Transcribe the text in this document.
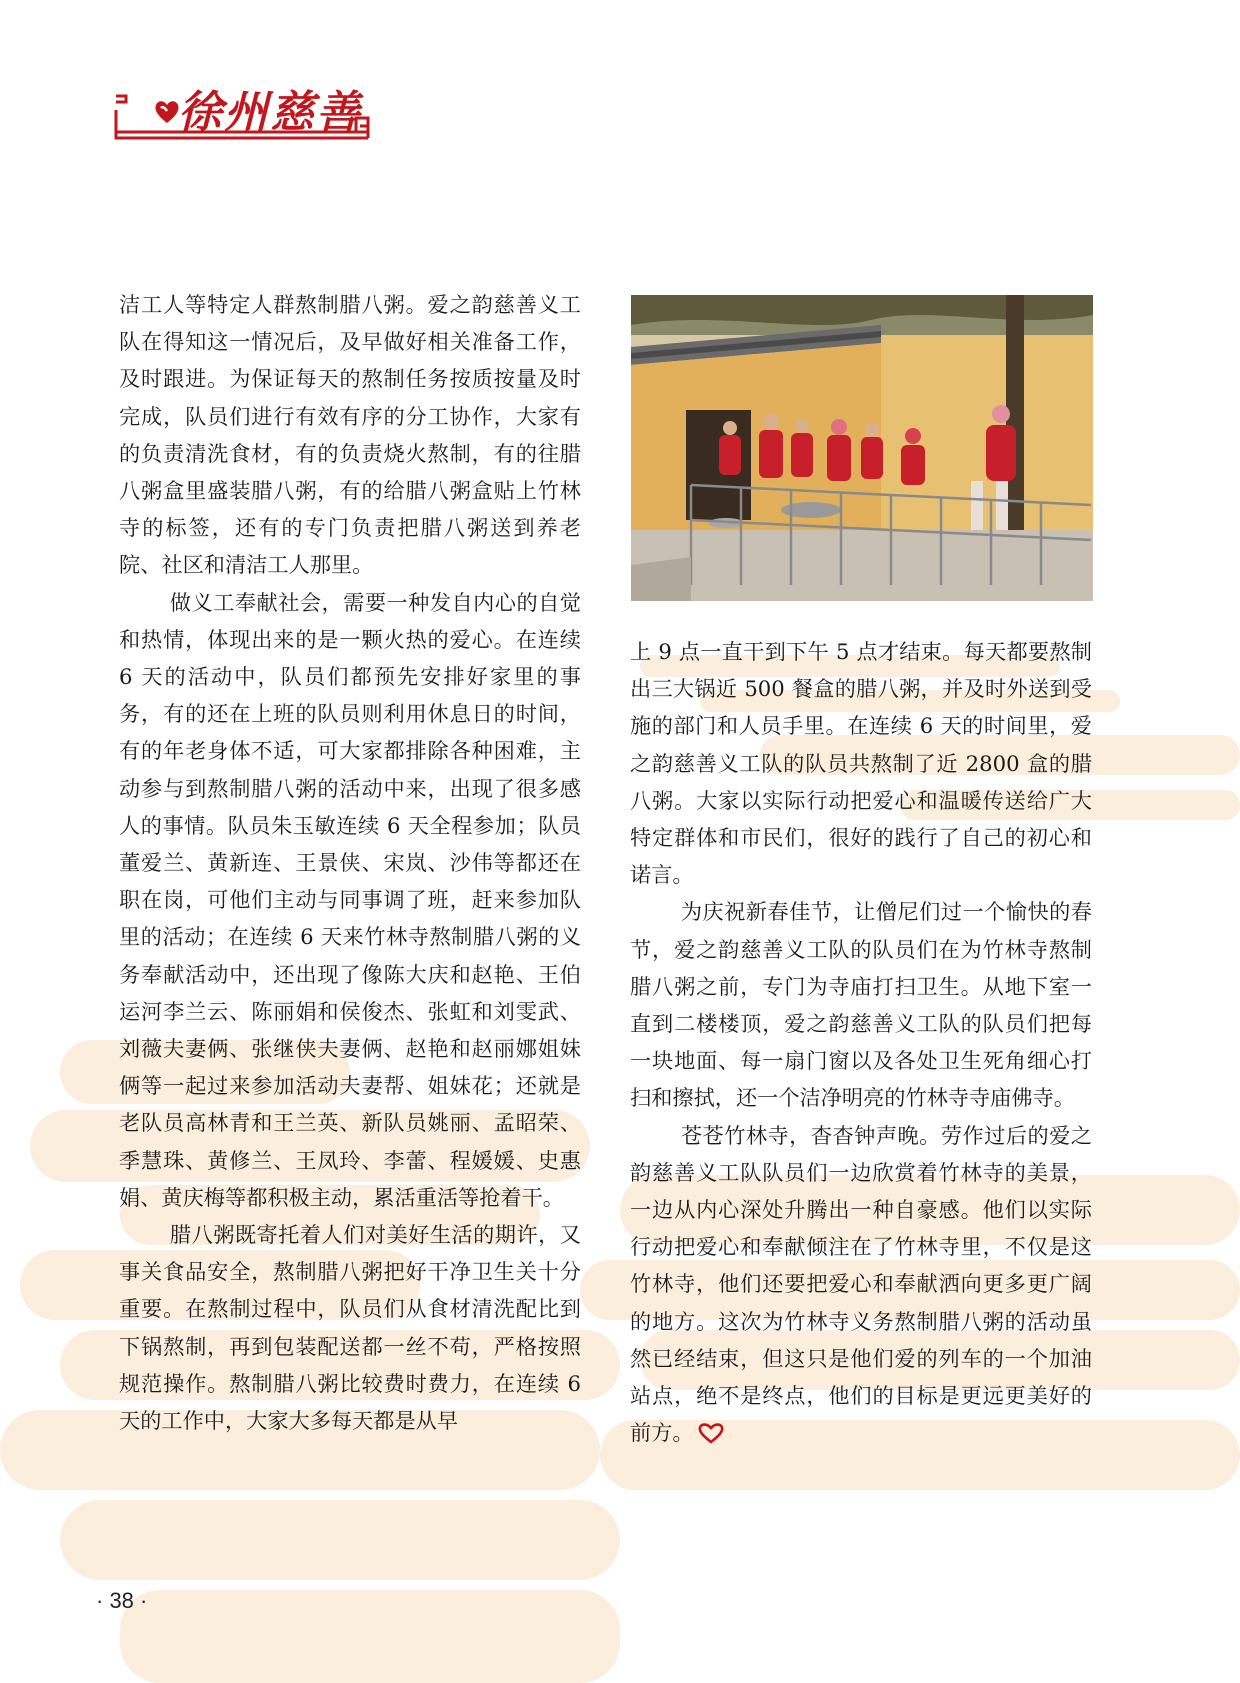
徐州慈善

洁工人等特定人群熬制腊八粥。爱之韵慈善义工队在得知这一情况后，及早做好相关准备工作，及时跟进。为保证每天的熬制任务按质按量及时完成，队员们进行有效有序的分工协作，大家有的负责清洗食材，有的负责烧火熬制，有的往腊八粥盒里盛装腊八粥，有的给腊八粥盒贴上竹林寺的标签，还有的专门负责把腊八粥送到养老院、社区和清洁工人那里。

做义工奉献社会，需要一种发自内心的自觉和热情，体现出来的是一颗火热的爱心。在连续 6 天的活动中，队员们都预先安排好家里的事务，有的还在上班的队员则利用休息日的时间，有的年老身体不适，可大家都排除各种困难，主动参与到熬制腊八粥的活动中来，出现了很多感人的事情。队员朱玉敏连续 6 天全程参加；队员董爱兰、黄新连、王景侠、宋岚、沙伟等都还在职在岗，可他们主动与同事调了班，赶来参加队里的活动；在连续 6 天来竹林寺熬制腊八粥的义务奉献活动中，还出现了像陈大庆和赵艳、王伯运河李兰云、陈丽娟和侯俊杰、张虹和刘雯武、刘薇夫妻俩、张继侠夫妻俩、赵艳和赵丽娜姐妹俩等一起过来参加活动夫妻帮、姐妹花；还就是老队员高林青和王兰英、新队员姚丽、孟昭荣、季慧珠、黄修兰、王凤玲、李蕾、程媛媛、史惠娟、黄庆梅等都积极主动，累活重活等抢着干。

腊八粥既寄托着人们对美好生活的期许，又事关食品安全，熬制腊八粥把好干净卫生关十分重要。在熬制过程中，队员们从食材清洗配比到下锅熬制，再到包装配送都一丝不苟，严格按照规范操作。熬制腊八粥比较费时费力，在连续 6 天的工作中，大家大多每天都是从早

上 9 点一直干到下午 5 点才结束。每天都要熬制出三大锅近 500 餐盒的腊八粥，并及时外送到受施的部门和人员手里。在连续 6 天的时间里，爱之韵慈善义工队的队员共熬制了近 2800 盒的腊八粥。大家以实际行动把爱心和温暖传送给广大特定群体和市民们，很好的践行了自己的初心和诺言。

为庆祝新春佳节，让僧尼们过一个愉快的春节，爱之韵慈善义工队的队员们在为竹林寺熬制腊八粥之前，专门为寺庙打扫卫生。从地下室一直到二楼楼顶，爱之韵慈善义工队的队员们把每一块地面、每一扇门窗以及各处卫生死角细心打扫和擦拭，还一个洁净明亮的竹林寺寺庙佛寺。

苍苍竹林寺，杳杳钟声晚。劳作过后的爱之韵慈善义工队队员们一边欣赏着竹林寺的美景，一边从内心深处升腾出一种自豪感。他们以实际行动把爱心和奉献倾注在了竹林寺里，不仅是这竹林寺，他们还要把爱心和奉献洒向更多更广阔的地方。这次为竹林寺义务熬制腊八粥的活动虽然已经结束，但这只是他们爱的列车的一个加油站点，绝不是终点，他们的目标是更远更美好的前方。

· 38 ·
